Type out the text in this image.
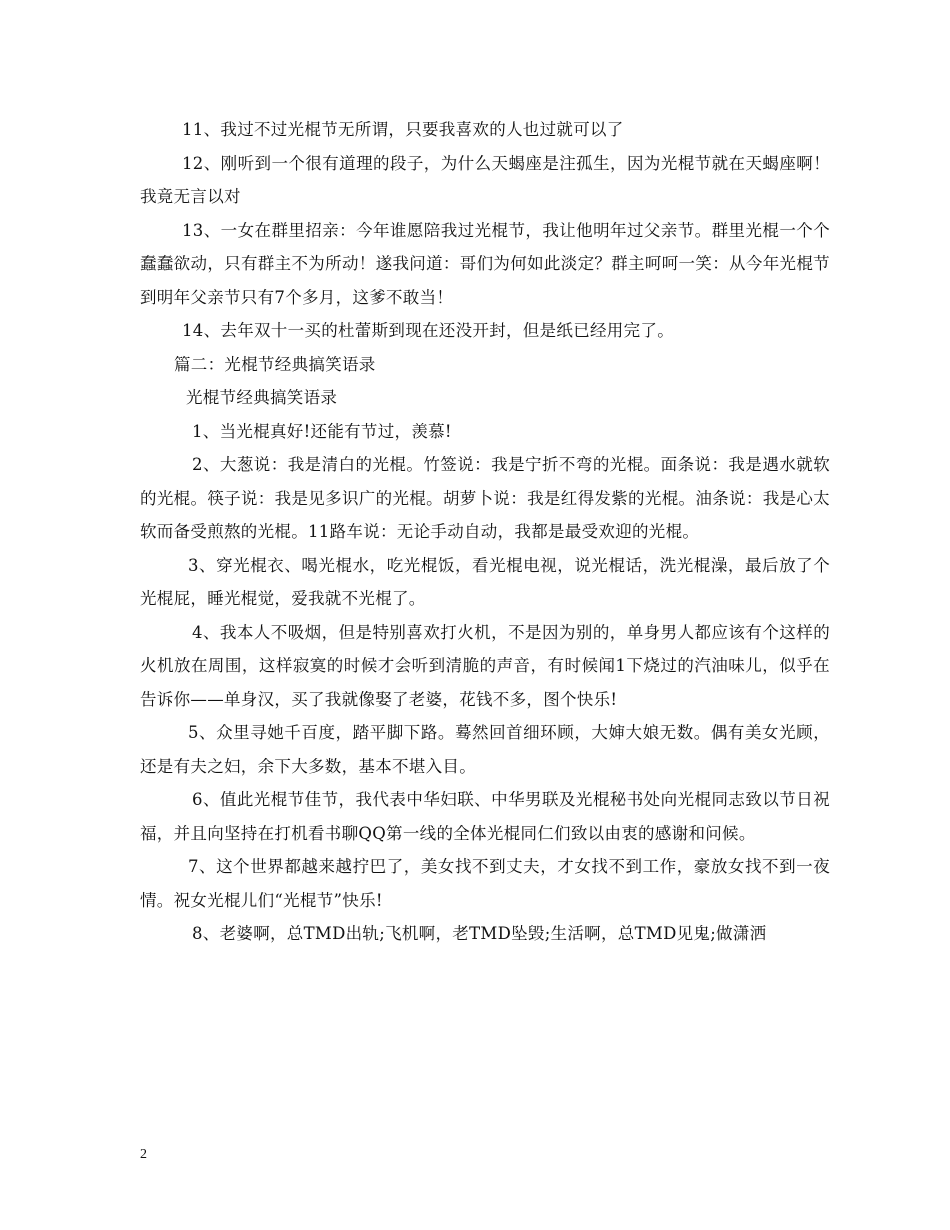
11、我过不过光棍节无所谓，只要我喜欢的人也过就可以了

12、刚听到一个很有道理的段子，为什么天蝎座是注孤生，因为光棍节就在天蝎座啊！我竟无言以对

13、一女在群里招亲：今年谁愿陪我过光棍节，我让他明年过父亲节。群里光棍一个个蠢蠢欲动，只有群主不为所动！遂我问道：哥们为何如此淡定？群主呵呵一笑：从今年光棍节到明年父亲节只有7个多月，这爹不敢当！

14、去年双十一买的杜蕾斯到现在还没开封，但是纸已经用完了。

篇二：光棍节经典搞笑语录

光棍节经典搞笑语录

1、当光棍真好!还能有节过，羡慕!

2、大葱说：我是清白的光棍。竹签说：我是宁折不弯的光棍。面条说：我是遇水就软的光棍。筷子说：我是见多识广的光棍。胡萝卜说：我是红得发紫的光棍。油条说：我是心太软而备受煎熬的光棍。11路车说：无论手动自动，我都是最受欢迎的光棍。

3、穿光棍衣、喝光棍水，吃光棍饭，看光棍电视，说光棍话，洗光棍澡，最后放了个光棍屁，睡光棍觉，爱我就不光棍了。

4、我本人不吸烟，但是特别喜欢打火机，不是因为别的，单身男人都应该有个这样的火机放在周围，这样寂寞的时候才会听到清脆的声音，有时候闻1下烧过的汽油味儿，似乎在告诉你——单身汉，买了我就像娶了老婆，花钱不多，图个快乐!

5、众里寻她千百度，踏平脚下路。蓦然回首细环顾，大婶大娘无数。偶有美女光顾，还是有夫之妇，余下大多数，基本不堪入目。

6、值此光棍节佳节，我代表中华妇联、中华男联及光棍秘书处向光棍同志致以节日祝福，并且向坚持在打机看书聊QQ第一线的全体光棍同仁们致以由衷的感谢和问候。

7、这个世界都越来越拧巴了，美女找不到丈夫，才女找不到工作，豪放女找不到一夜情。祝女光棍儿们“光棍节”快乐!

8、老婆啊，总TMD出轨;飞机啊，老TMD坠毁;生活啊，总TMD见鬼;做潇洒

2
